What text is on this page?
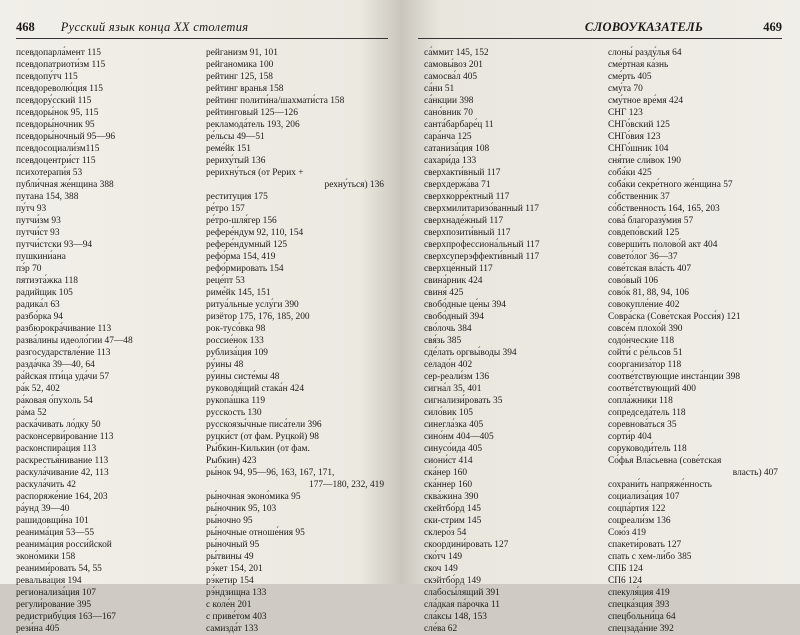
468 Русский язык конца XX столетия
псевдопарла́мент 115
псевдопатриоти́зм 115
псевдопу́тч 115
псевдореволю́ция 115
псевдору́сский 115
псевдоры́нок 95, 115
псевдоры́ночник 95
псевдоры́ночный 95—96
псевдосоциали́зм115
псевдоцентри́ст 115
психотерапи́я 53
публи́чная же́нщина 388
путана 154, 388
пу́тч 93
путчи́зм 93
путчи́ст 93
путчи́стски 93—94
пушкини́ана
пэ́р 70
пятиэта́жка 118
радийщик 105
радика́л 63
разбо́рка 94
разбюрокра́чивание 113
разва́лины идеоло́гии 47—48
разгосударствле́ние 113
разда́чка 39—40, 64
ра́йская пти́ца уда́чи 57
ра́к 52, 402
ра́ковая о́пухоль 54
ра́ма 52
раска́чивать ло́дку 50
расконсерви́рование 113
расконспира́ция 113
раскрестья́нивание 113
раскула́чивание 42, 113
раскула́чить 42
распоряже́ние 164, 203
ра́унд 39—40
рашидовщи́на 101
реанима́ция 53—55
реанима́ция росси́йской
эконо́мики 158
реаними́ровать 54, 55
ревальва́ция 194
регионализа́ция 107
регули́рование 395
редистрибу́ция 163—167
рези́на 405
рейганизм 91, 101
рейганомика 100
рейтинг 125, 158
рейтинг вранья 158
рейтинг полити́на/шахмати́ста 158
рейтинговый 125—126
рекламода́тель 193, 206
ре́льсы 49—51
реме́йк 151
рериху́тый 136
рерихну́ться (от Рерих +
рехну́ться) 136
реституция 175
ре́тро 157
ре́тро-шля́гер 156
рефере́ндум 92, 110, 154
рефере́ндумный 125
рефо́рма 154, 419
рефо́рмировать 154
реце́пт 53
риме́йк 145, 151
ритуа́льные услу́ги 390
ризётор 175, 176, 185, 200
рок-тусо́вка 98
россие́нок 133
рублиза́ция 109
ру́ины 48
ру́ины систе́мы 48
руководя́щий стака́н 424
рукопа́шка 119
русскость 130
русскоязы́чные писа́тели 396
руцки́ст (от фам. Руцкой) 98
Ры́бкин-Килькин (от фам.
Рыбкин) 423
ры́нок 94, 95—96, 163, 167, 171,
177—180, 232, 419
ры́ночная эконо́мика 95
ры́ночник 95, 103
ры́ночно 95
ры́ночные отноше́ния 95
ры́ночный 95
ры́твины 49
рэ́кет 154, 201
рэ́кетир 154
рэ́ндзищна 133
с коле́н 201
с приве́том 403
самизда́т 133
СЛОВОУКАЗАТЕЛЬ	469
са́ммит 145, 152
самовы́воз 201
самосва́л 405
са́ни 51
са́нкции 398
сано́вник 70
санта́барбаре́ц 11
сара́нча 125
сатаниза́ция 108
сахари́да 133
сверхакти́вный 117
сверхдержа́ва 71
сверхкорре́ктный 117
сверхмилитаризо́ванный 117
сверхнаде́жный 117
сверхпозити́вный 117
сверхпрофессиона́льный 117
сверхсуперэффекти́вный 117
сверхце́нный 117
свина́рник 424
свиня́ 425
свобо́дные це́ны 394
свобо́дный 394
сво́лочь 384
свя́зь 385
сде́лать оргвы́воды 394
селадо́н 402
сер-реали́зм 136
сигна́л 35, 401
сигнализи́ровать 35
сило́вик 105
синегла́зка 405
сино́нм 404—405
синусо́ида 405
сиони́ст 414
ска́нер 160
ска́ннер 160
сква́жина 390
скейтбо́рд 145
ски-стрим 145
склеро́з 54
скоордини́ровать 127
ско́тч 149
скоч 149
скэйтбо́рд 149
слабосы́лящий 391
сла́дкая па́рочка 11
сла́ксы 148, 153
сле́ва 62
слоны́ разду́лья 64
сме́ртная ка́знь
сме́рть 405
сму́та 70
сму́тное вре́мя 424
СНГ 123
СНГо́вский 125
СНГо́вия 123
СНГо́шник 104
сня́тие сли́вок 190
соба́ки 425
соба́ки секре́тного же́нщина 57
со́бственник 37
со́бственность 164, 165, 203
сова́ благоразу́мия 57
совдепо́вский 125
соверши́ть полово́й акт 404
совето́лог 36—37
сове́тская вла́сть 407
сово́вый 106
сово́к 81, 88, 94, 106
совокупле́ние 402
Совра́ска (Сове́тская Росси́я) 121
совсе́м плохо́й 390
содо́нческие 118
сойти́ с ре́льсов 51
соорганиза́тор 118
соотве́тствующие инста́нции 398
соотве́тствующий 400
сопла́жники 118
сопредседа́тель 118
соревнова́ться 35
сорти́р 404
соруководи́тель 118
Со́фья Вла́сьевна (сове́тская
власть) 407
сохрани́ть напряже́нность
социализа́ция 107
соцпа́ртия 122
соцреали́зм 136
Сою́з 419
спакети́ровать 127
спать с хем-ли́бо 385
СПБ 124
СП6 124
спекуля́ция 419
спецка́зция 393
спецбольни́ца 64
спецзада́ние 392
